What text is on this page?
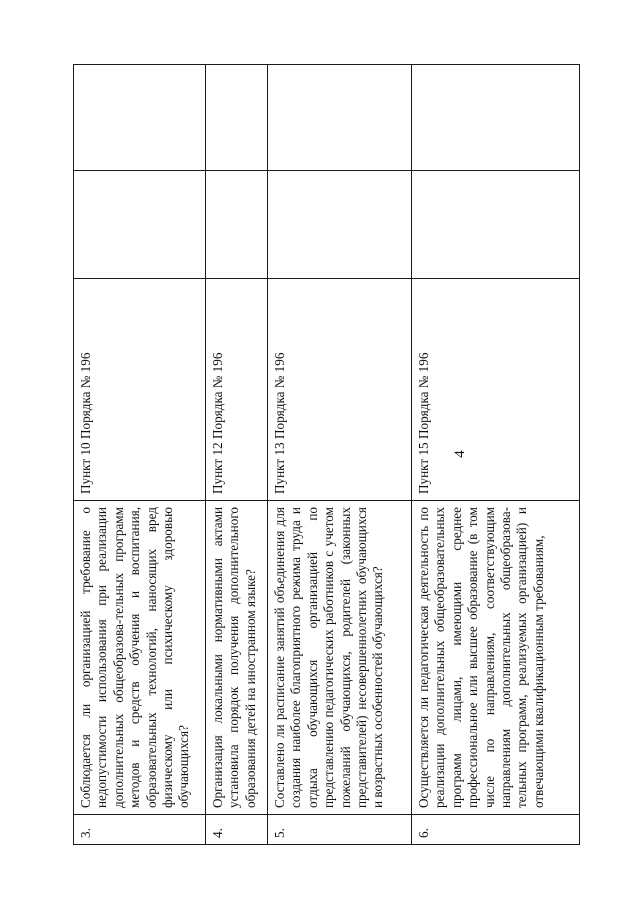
4
3.	Соблюдается ли организацией требование о недопустимости использования при реализации дополнительных общеобразова-тельных программ методов и средств обучения и воспитания, образовательных технологий, наносящих вред физическому или психическому здоровью обучающихся?	Пункт 10 Порядка № 196		
4.	Организация локальными нормативными актами установила порядок получения дополнительного образования детей на иностранном языке?	Пункт 12 Порядка № 196		
5.	Составлено ли расписание занятий объединения для создания наиболее благоприятного режима труда и отдыха обучающихся организацией по представлению педагогических работников с учетом пожеланий обучающихся, родителей (законных представителей) несовершеннолетних обучающихся и возрастных особенностей обучающихся?	Пункт 13 Порядка № 196		
6.	Осуществляется ли педагогическая деятельность по реализации дополнительных общеобразовательных программ лицами, имеющими среднее профессиональное или высшее образование (в том числе по направлениям, соответствующим направлениям дополнительных общеобразова-тельных программ, реализуемых организацией) и отвечающими квалификационным требованиям,	Пункт 15 Порядка № 196		
